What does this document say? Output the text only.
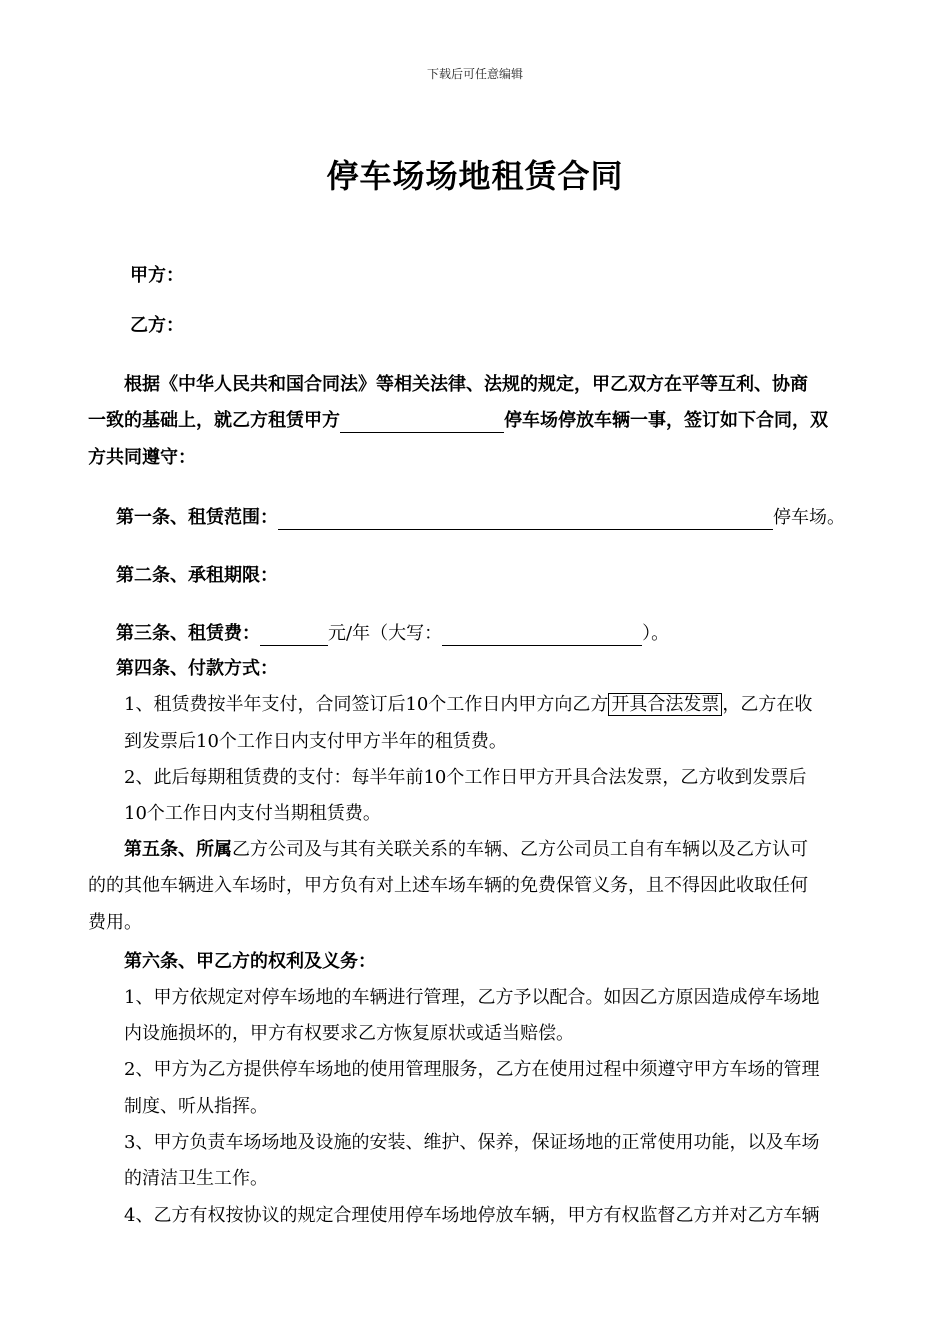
下载后可任意编辑
停车场场地租赁合同
甲方：
乙方：
根据《中华人民共和国合同法》等相关法律、法规的规定，甲乙双方在平等互利、协商
一致的基础上，就乙方租赁甲方	停车场停放车辆一事，签订如下合同，双
方共同遵守：
第一条、租赁范围：	停车场。
第二条、承租期限：
第三条、租赁费：	元/年（大写：	）。
第四条、付款方式：
1、租赁费按半年支付，合同签订后10个工作日内甲方向乙方 开具合法发票 ，乙方在收
到发票后10个工作日内支付甲方半年的租赁费。
2、此后每期租赁费的支付：每半年前10个工作日甲方开具合法发票，乙方收到发票后
10个工作日内支付当期租赁费。
第五条、所属乙方公司及与其有关联关系的车辆、乙方公司员工自有车辆以及乙方认可
的的其他车辆进入车场时，甲方负有对上述车场车辆的免费保管义务，且不得因此收取任何
费用。
第六条、甲乙方的权利及义务：
1、甲方依规定对停车场地的车辆进行管理，乙方予以配合。如因乙方原因造成停车场地
内设施损坏的，甲方有权要求乙方恢复原状或适当赔偿。
2、甲方为乙方提供停车场地的使用管理服务，乙方在使用过程中须遵守甲方车场的管理
制度、听从指挥。
3、甲方负责车场场地及设施的安装、维护、保养，保证场地的正常使用功能，以及车场
的清洁卫生工作。
4、乙方有权按协议的规定合理使用停车场地停放车辆，甲方有权监督乙方并对乙方车辆
